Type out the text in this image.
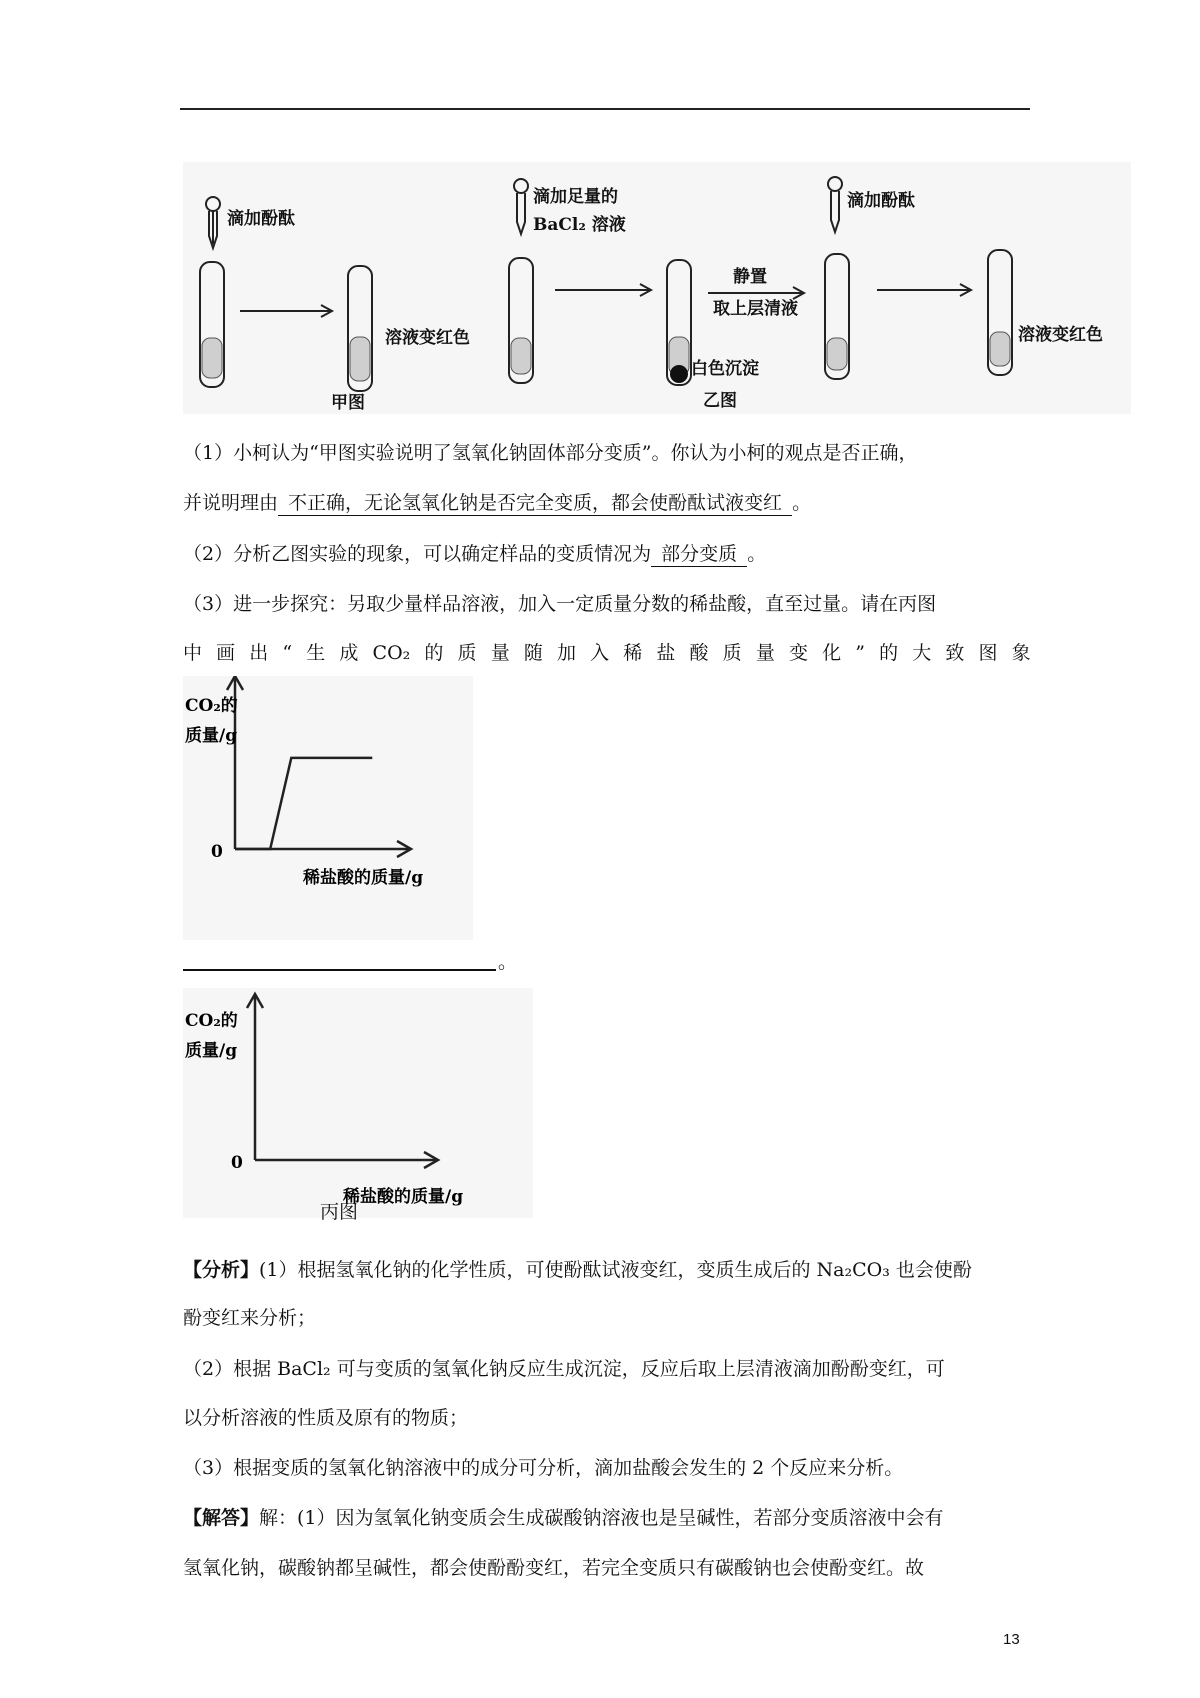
滴加酚酞
溶液变红色
甲图
滴加足量的
BaCl₂ 溶液
白色沉淀
乙图
静置
取上层清液
滴加酚酞
溶液变红色
（1）小柯认为“甲图实验说明了氢氧化钠固体部分变质”。你认为小柯的观点是否正确，
并说明理由 不正确，无论氢氧化钠是否完全变质，都会使酚酞试液变红 。
（2）分析乙图实验的现象，可以确定样品的变质情况为 部分变质 。
（3）进一步探究：另取少量样品溶液，加入一定质量分数的稀盐酸，直至过量。请在丙图
中 画 出 “ 生 成 CO₂ 的 质 量 随 加 入 稀 盐 酸 质 量 变 化 ” 的 大 致 图 象
CO₂的
质量/g
稀盐酸的质量/g
0
。
CO₂的
质量/g
稀盐酸的质量/g
0
丙图
【分析】(1）根据氢氧化钠的化学性质，可使酚酞试液变红，变质生成后的 Na₂CO₃ 也会使酚
酚变红来分析；
（2）根据 BaCl₂ 可与变质的氢氧化钠反应生成沉淀，反应后取上层清液滴加酚酚变红，可
以分析溶液的性质及原有的物质；
（3）根据变质的氢氧化钠溶液中的成分可分析，滴加盐酸会发生的 2 个反应来分析。
【解答】解：(1）因为氢氧化钠变质会生成碳酸钠溶液也是呈碱性，若部分变质溶液中会有
氢氧化钠，碳酸钠都呈碱性，都会使酚酚变红，若完全变质只有碳酸钠也会使酚变红。故
13
